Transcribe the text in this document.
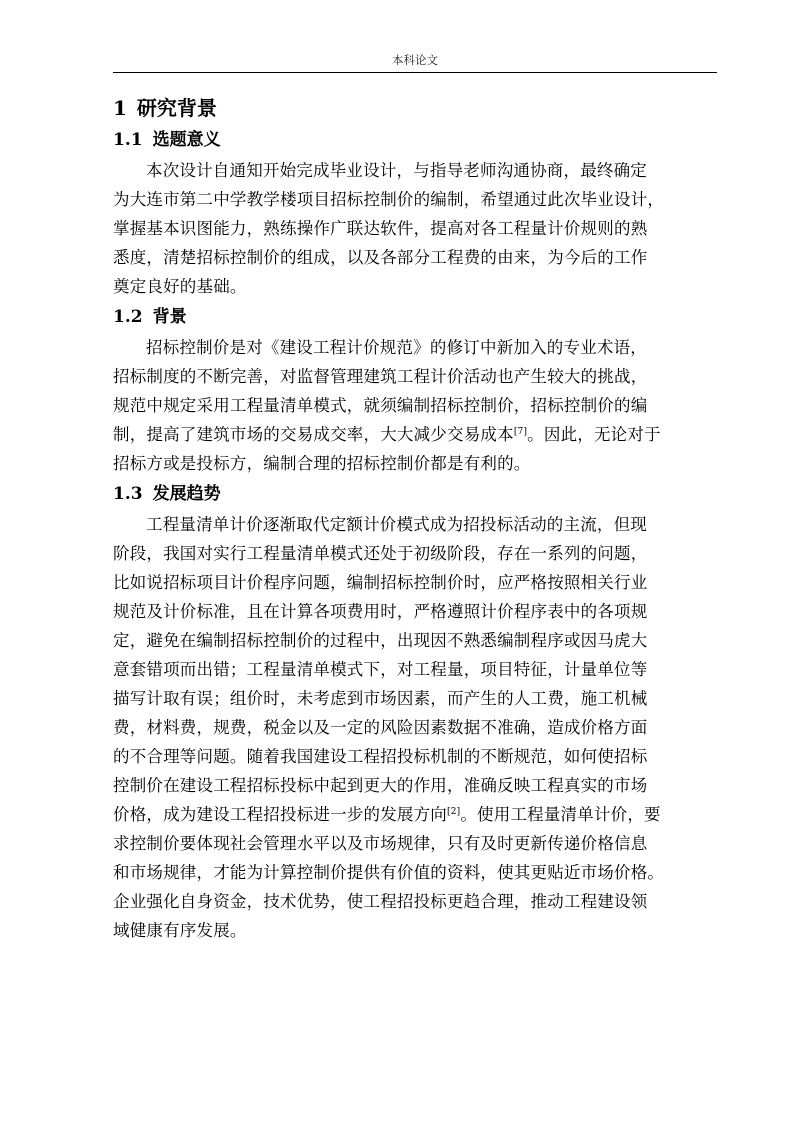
本科论文
1 研究背景
1.1 选题意义

本次设计自通知开始完成毕业设计，与指导老师沟通协商，最终确定
为大连市第二中学教学楼项目招标控制价的编制，希望通过此次毕业设计，
掌握基本识图能力，熟练操作广联达软件，提高对各工程量计价规则的熟
悉度，清楚招标控制价的组成，以及各部分工程费的由来，为今后的工作
奠定良好的基础。

1.2 背景

招标控制价是对《建设工程计价规范》的修订中新加入的专业术语，
招标制度的不断完善，对监督管理建筑工程计价活动也产生较大的挑战，
规范中规定采用工程量清单模式，就须编制招标控制价，招标控制价的编
制，提高了建筑市场的交易成交率，大大减少交易成本[7]。因此，无论对于
招标方或是投标方，编制合理的招标控制价都是有利的。

1.3 发展趋势

工程量清单计价逐渐取代定额计价模式成为招投标活动的主流，但现
阶段，我国对实行工程量清单模式还处于初级阶段，存在一系列的问题，
比如说招标项目计价程序问题，编制招标控制价时，应严格按照相关行业
规范及计价标准，且在计算各项费用时，严格遵照计价程序表中的各项规
定，避免在编制招标控制价的过程中，出现因不熟悉编制程序或因马虎大
意套错项而出错；工程量清单模式下，对工程量，项目特征，计量单位等
描写计取有误；组价时，未考虑到市场因素，而产生的人工费，施工机械
费，材料费，规费，税金以及一定的风险因素数据不准确，造成价格方面
的不合理等问题。随着我国建设工程招投标机制的不断规范，如何使招标
控制价在建设工程招标投标中起到更大的作用，准确反映工程真实的市场
价格，成为建设工程招投标进一步的发展方向[2]。使用工程量清单计价，要
求控制价要体现社会管理水平以及市场规律，只有及时更新传递价格信息
和市场规律，才能为计算控制价提供有价值的资料，使其更贴近市场价格。
企业强化自身资金，技术优势，使工程招投标更趋合理，推动工程建设领
域健康有序发展。
